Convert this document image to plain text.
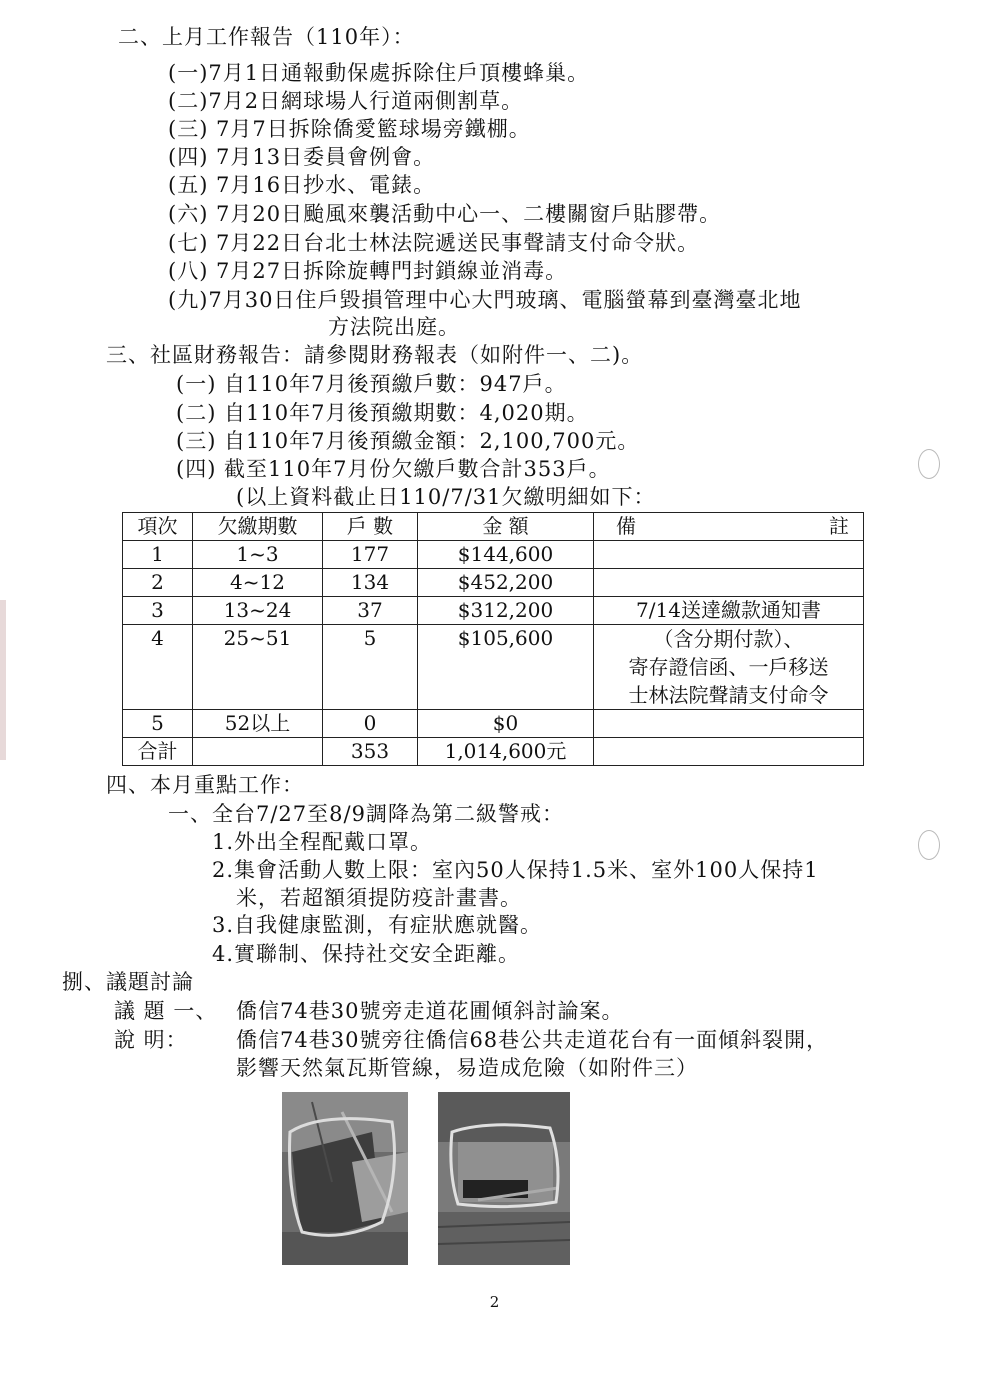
二、上月工作報告（110年）：
(一)7月1日通報動保處拆除住戶頂樓蜂巢。
(二)7月2日網球場人行道兩側割草。
(三) 7月7日拆除僑愛籃球場旁鐵棚。
(四) 7月13日委員會例會。
(五) 7月16日抄水、電錶。
(六) 7月20日颱風來襲活動中心一、二樓關窗戶貼膠帶。
(七) 7月22日台北士林法院遞送民事聲請支付命令狀。
(八) 7月27日拆除旋轉門封鎖線並消毒。
(九)7月30日住戶毀損管理中心大門玻璃、電腦螢幕到臺灣臺北地
方法院出庭。
三、社區財務報告：請參閱財務報表（如附件一、二)。
(一) 自110年7月後預繳戶數：947戶。
(二) 自110年7月後預繳期數：4,020期。
(三) 自110年7月後預繳金額：2,100,700元。
(四) 截至110年7月份欠繳戶數合計353戶。
(以上資料截止日110/7/31欠繳明細如下：
項次	欠繳期數	戶 數	金 額	備 註

1	1~3	177	$144,600	
2	4~12	134	$452,200	
3	13~24	37	$312,200	7/14送達繳款通知書
4	25~51	5	$105,600	（含分期付款）、
寄存證信函、一戶移送
士林法院聲請支付命令

5	52以上	0	$0	
合計		353	1,014,600元	
四、本月重點工作：
一、全台7/27至8/9調降為第二級警戒：
1.外出全程配戴口罩。
2.集會活動人數上限：室內50人保持1.5米、室外100人保持1
米，若超額須提防疫計畫書。
3.自我健康監測，有症狀應就醫。
4.實聯制、保持社交安全距離。
捌、議題討論
議 題 一、 僑信74巷30號旁走道花圃傾斜討論案。
說 明： 僑信74巷30號旁往僑信68巷公共走道花台有一面傾斜裂開，
影響天然氣瓦斯管線，易造成危險（如附件三）
2
